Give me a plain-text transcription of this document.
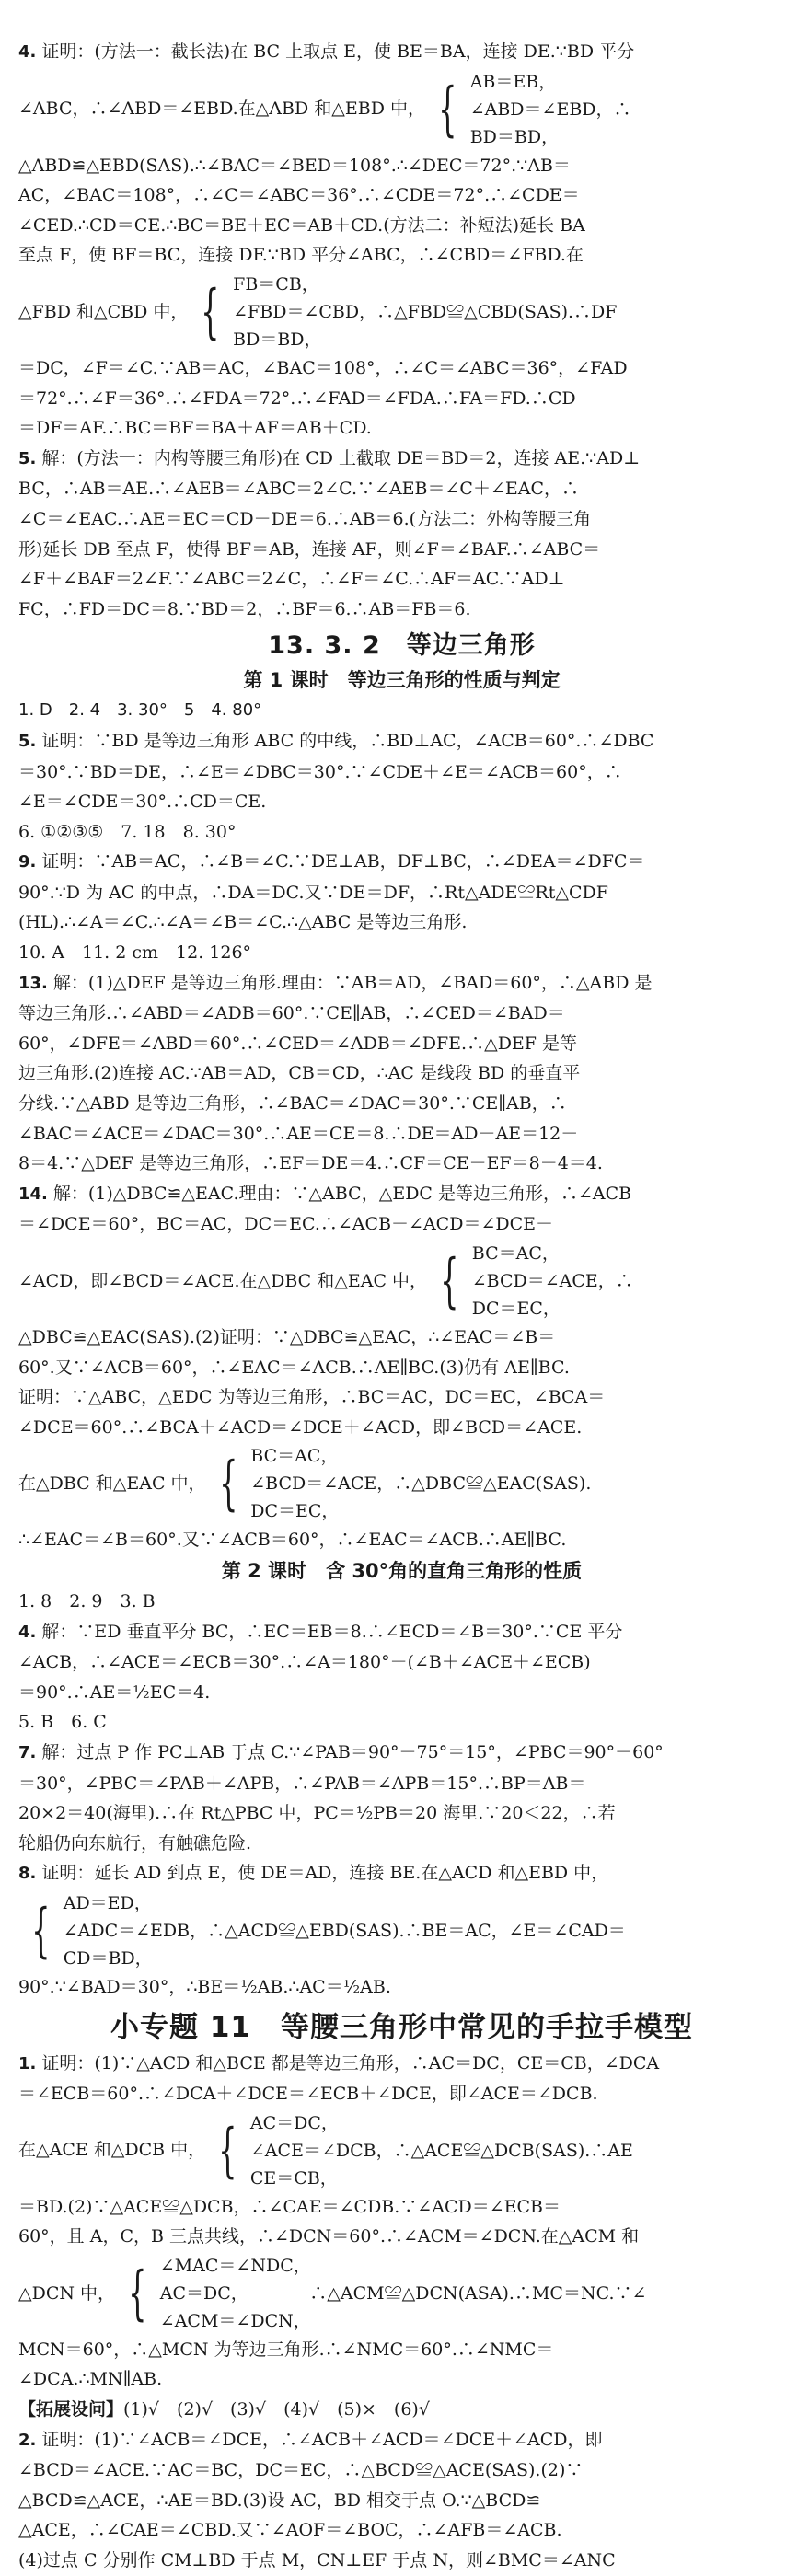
4. 证明：(方法一：截长法)在 BC 上取点 E，使 BE＝BA，连接 DE.∵BD 平分
∠ABC，∴∠ABD＝∠EBD.在△ABD 和△EBD 中， { AB＝EB，
∠ABD＝∠EBD，∴
BD＝BD，
△ABD≌△EBD(SAS).∴∠BAC＝∠BED＝108°.∴∠DEC＝72°.∵AB＝
AC，∠BAC＝108°，∴∠C＝∠ABC＝36°.∴∠CDE＝72°.∴∠CDE＝
∠CED.∴CD＝CE.∴BC＝BE＋EC＝AB＋CD.(方法二：补短法)延长 BA
至点 F，使 BF＝BC，连接 DF.∵BD 平分∠ABC，∴∠CBD＝∠FBD.在
△FBD 和△CBD 中， { FB＝CB，
∠FBD＝∠CBD，∴△FBD≌△CBD(SAS).∴DF
BD＝BD，
＝DC，∠F＝∠C.∵AB＝AC，∠BAC＝108°，∴∠C＝∠ABC＝36°，∠FAD
＝72°.∴∠F＝36°.∴∠FDA＝72°.∴∠FAD＝∠FDA.∴FA＝FD.∴CD
＝DF＝AF.∴BC＝BF＝BA＋AF＝AB＋CD.
5. 解：(方法一：内构等腰三角形)在 CD 上截取 DE＝BD＝2，连接 AE.∵AD⊥
BC，∴AB＝AE.∴∠AEB＝∠ABC＝2∠C.∵∠AEB＝∠C＋∠EAC，∴
∠C＝∠EAC.∴AE＝EC＝CD－DE＝6.∴AB＝6.(方法二：外构等腰三角
形)延长 DB 至点 F，使得 BF＝AB，连接 AF，则∠F＝∠BAF.∴∠ABC＝
∠F＋∠BAF＝2∠F.∵∠ABC＝2∠C，∴∠F＝∠C.∴AF＝AC.∵AD⊥
FC，∴FD＝DC＝8.∵BD＝2，∴BF＝6.∴AB＝FB＝6.
13. 3. 2　等边三角形
第 1 课时　等边三角形的性质与判定
1. D　2. 4　3. 30°　5　4. 80°
5. 证明：∵BD 是等边三角形 ABC 的中线，∴BD⊥AC，∠ACB＝60°.∴∠DBC
＝30°.∵BD＝DE，∴∠E＝∠DBC＝30°.∵∠CDE＋∠E＝∠ACB＝60°，∴
∠E＝∠CDE＝30°.∴CD＝CE.
6. ①②③⑤　7. 18　8. 30°
9. 证明：∵AB＝AC，∴∠B＝∠C.∵DE⊥AB，DF⊥BC，∴∠DEA＝∠DFC＝
90°.∵D 为 AC 的中点，∴DA＝DC.又∵DE＝DF，∴Rt△ADE≌Rt△CDF
(HL).∴∠A＝∠C.∴∠A＝∠B＝∠C.∴△ABC 是等边三角形.
10. A　11. 2 cm　12. 126°
13. 解：(1)△DEF 是等边三角形.理由：∵AB＝AD，∠BAD＝60°，∴△ABD 是
等边三角形.∴∠ABD＝∠ADB＝60°.∵CE∥AB，∴∠CED＝∠BAD＝
60°，∠DFE＝∠ABD＝60°.∴∠CED＝∠ADB＝∠DFE.∴△DEF 是等
边三角形.(2)连接 AC.∵AB＝AD，CB＝CD，∴AC 是线段 BD 的垂直平
分线.∵△ABD 是等边三角形，∴∠BAC＝∠DAC＝30°.∵CE∥AB，∴
∠BAC＝∠ACE＝∠DAC＝30°.∴AE＝CE＝8.∴DE＝AD－AE＝12－
8＝4.∵△DEF 是等边三角形，∴EF＝DE＝4.∴CF＝CE－EF＝8－4＝4.
14. 解：(1)△DBC≌△EAC.理由：∵△ABC，△EDC 是等边三角形，∴∠ACB
＝∠DCE＝60°，BC＝AC，DC＝EC.∴∠ACB－∠ACD＝∠DCE－
∠ACD，即∠BCD＝∠ACE.在△DBC 和△EAC 中， { BC＝AC，
∠BCD＝∠ACE，∴
DC＝EC，
△DBC≌△EAC(SAS).(2)证明：∵△DBC≌△EAC，∴∠EAC＝∠B＝
60°.又∵∠ACB＝60°，∴∠EAC＝∠ACB.∴AE∥BC.(3)仍有 AE∥BC.
证明：∵△ABC，△EDC 为等边三角形，∴BC＝AC，DC＝EC，∠BCA＝
∠DCE＝60°.∴∠BCA＋∠ACD＝∠DCE＋∠ACD，即∠BCD＝∠ACE.
在△DBC 和△EAC 中， { BC＝AC，
∠BCD＝∠ACE，∴△DBC≌△EAC(SAS).
DC＝EC，
∴∠EAC＝∠B＝60°.又∵∠ACB＝60°，∴∠EAC＝∠ACB.∴AE∥BC.
第 2 课时　含 30°角的直角三角形的性质
1. 8　2. 9　3. B
4. 解：∵ED 垂直平分 BC，∴EC＝EB＝8.∴∠ECD＝∠B＝30°.∵CE 平分
∠ACB，∴∠ACE＝∠ECB＝30°.∴∠A＝180°－(∠B＋∠ACE＋∠ECB)
＝90°.∴AE＝½EC＝4.
5. B　6. C
7. 解：过点 P 作 PC⊥AB 于点 C.∵∠PAB＝90°－75°＝15°，∠PBC＝90°－60°
＝30°，∠PBC＝∠PAB＋∠APB，∴∠PAB＝∠APB＝15°.∴BP＝AB＝
20×2＝40(海里).∴在 Rt△PBC 中，PC＝½PB＝20 海里.∵20＜22，∴若
轮船仍向东航行，有触礁危险.
8. 证明：延长 AD 到点 E，使 DE＝AD，连接 BE.在△ACD 和△EBD 中，
{ AD＝ED，
∠ADC＝∠EDB，∴△ACD≌△EBD(SAS).∴BE＝AC，∠E＝∠CAD＝
CD＝BD，
90°.∵∠BAD＝30°，∴BE＝½AB.∴AC＝½AB.
小专题 11　等腰三角形中常见的手拉手模型
1. 证明：(1)∵△ACD 和△BCE 都是等边三角形，∴AC＝DC，CE＝CB，∠DCA
＝∠ECB＝60°.∴∠DCA＋∠DCE＝∠ECB＋∠DCE，即∠ACE＝∠DCB.
在△ACE 和△DCB 中， { AC＝DC，
∠ACE＝∠DCB，∴△ACE≌△DCB(SAS).∴AE
CE＝CB，
＝BD.(2)∵△ACE≌△DCB，∴∠CAE＝∠CDB.∵∠ACD＝∠ECB＝
60°，且 A，C，B 三点共线，∴∠DCN＝60°.∴∠ACM＝∠DCN.在△ACM 和
△DCN 中， { ∠MAC＝∠NDC，
AC＝DC，　　　　∴△ACM≌△DCN(ASA).∴MC＝NC.∵∠
∠ACM＝∠DCN，
MCN＝60°，∴△MCN 为等边三角形.∴∠NMC＝60°.∴∠NMC＝
∠DCA.∴MN∥AB.
【拓展设问】 (1)√　(2)√　(3)√　(4)√　(5)×　(6)√
2. 证明：(1)∵∠ACB＝∠DCE，∴∠ACB＋∠ACD＝∠DCE＋∠ACD，即
∠BCD＝∠ACE.∵AC＝BC，DC＝EC，∴△BCD≌△ACE(SAS).(2)∵
△BCD≌△ACE，∴AE＝BD.(3)设 AC，BD 相交于点 O.∵△BCD≌
△ACE，∴∠CAE＝∠CBD.又∵∠AOF＝∠BOC，∴∠AFB＝∠ACB.
(4)过点 C 分别作 CM⊥BD 于点 M，CN⊥EF 于点 N，则∠BMC＝∠ANC
